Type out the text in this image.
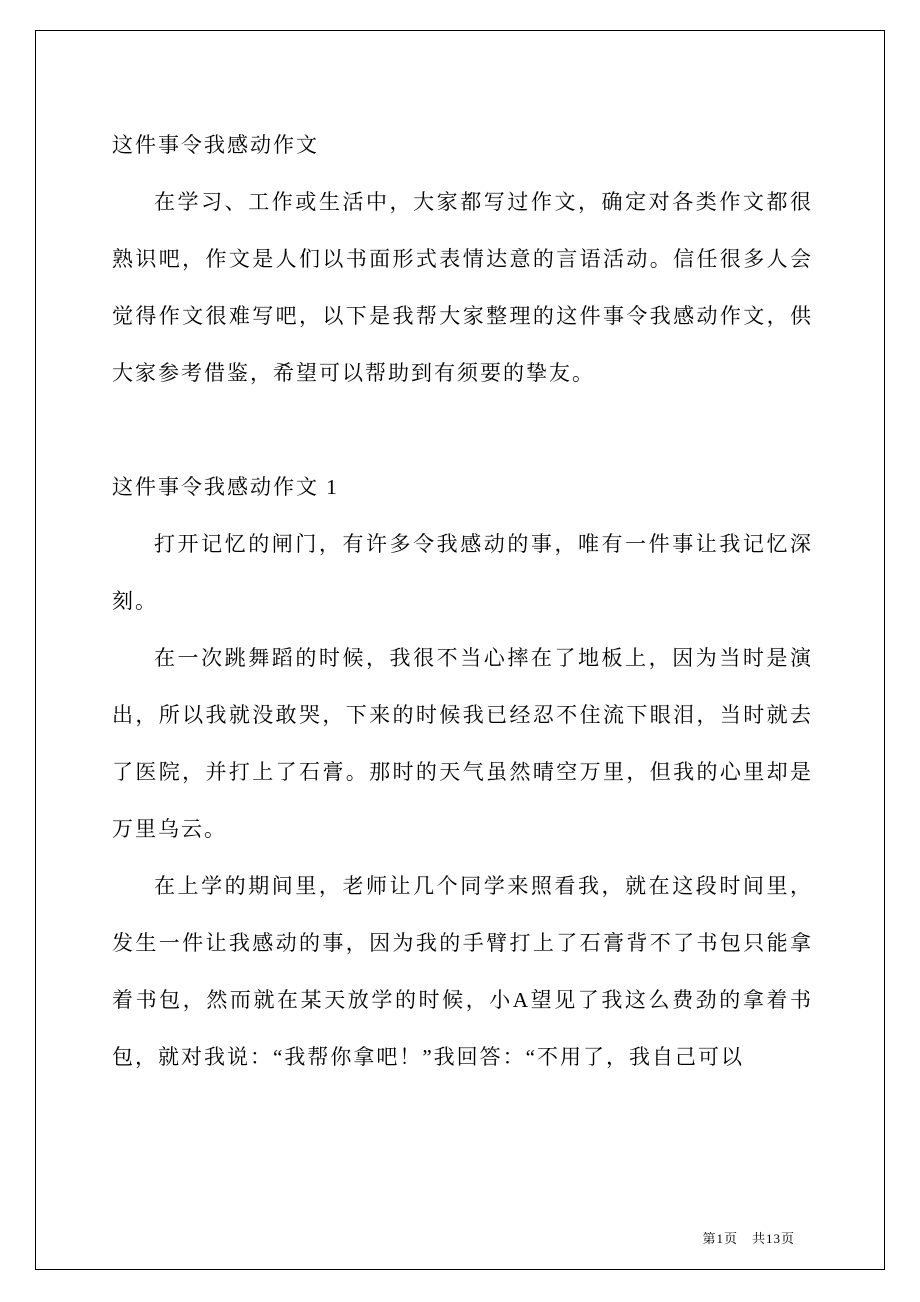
这件事令我感动作文

在学习、工作或生活中，大家都写过作文，确定对各类作文都很熟识吧，作文是人们以书面形式表情达意的言语活动。信任很多人会觉得作文很难写吧，以下是我帮大家整理的这件事令我感动作文，供大家参考借鉴，希望可以帮助到有须要的挚友。

这件事令我感动作文 1

打开记忆的闸门，有许多令我感动的事，唯有一件事让我记忆深刻。

在一次跳舞蹈的时候，我很不当心摔在了地板上，因为当时是演出，所以我就没敢哭，下来的时候我已经忍不住流下眼泪，当时就去了医院，并打上了石膏。那时的天气虽然晴空万里，但我的心里却是万里乌云。

在上学的期间里，老师让几个同学来照看我，就在这段时间里，发生一件让我感动的事，因为我的手臂打上了石膏背不了书包只能拿着书包，然而就在某天放学的时候，小A望见了我这么费劲的拿着书包，就对我说：“我帮你拿吧！”我回答：“不用了，我自己可以

第1页　共13页
